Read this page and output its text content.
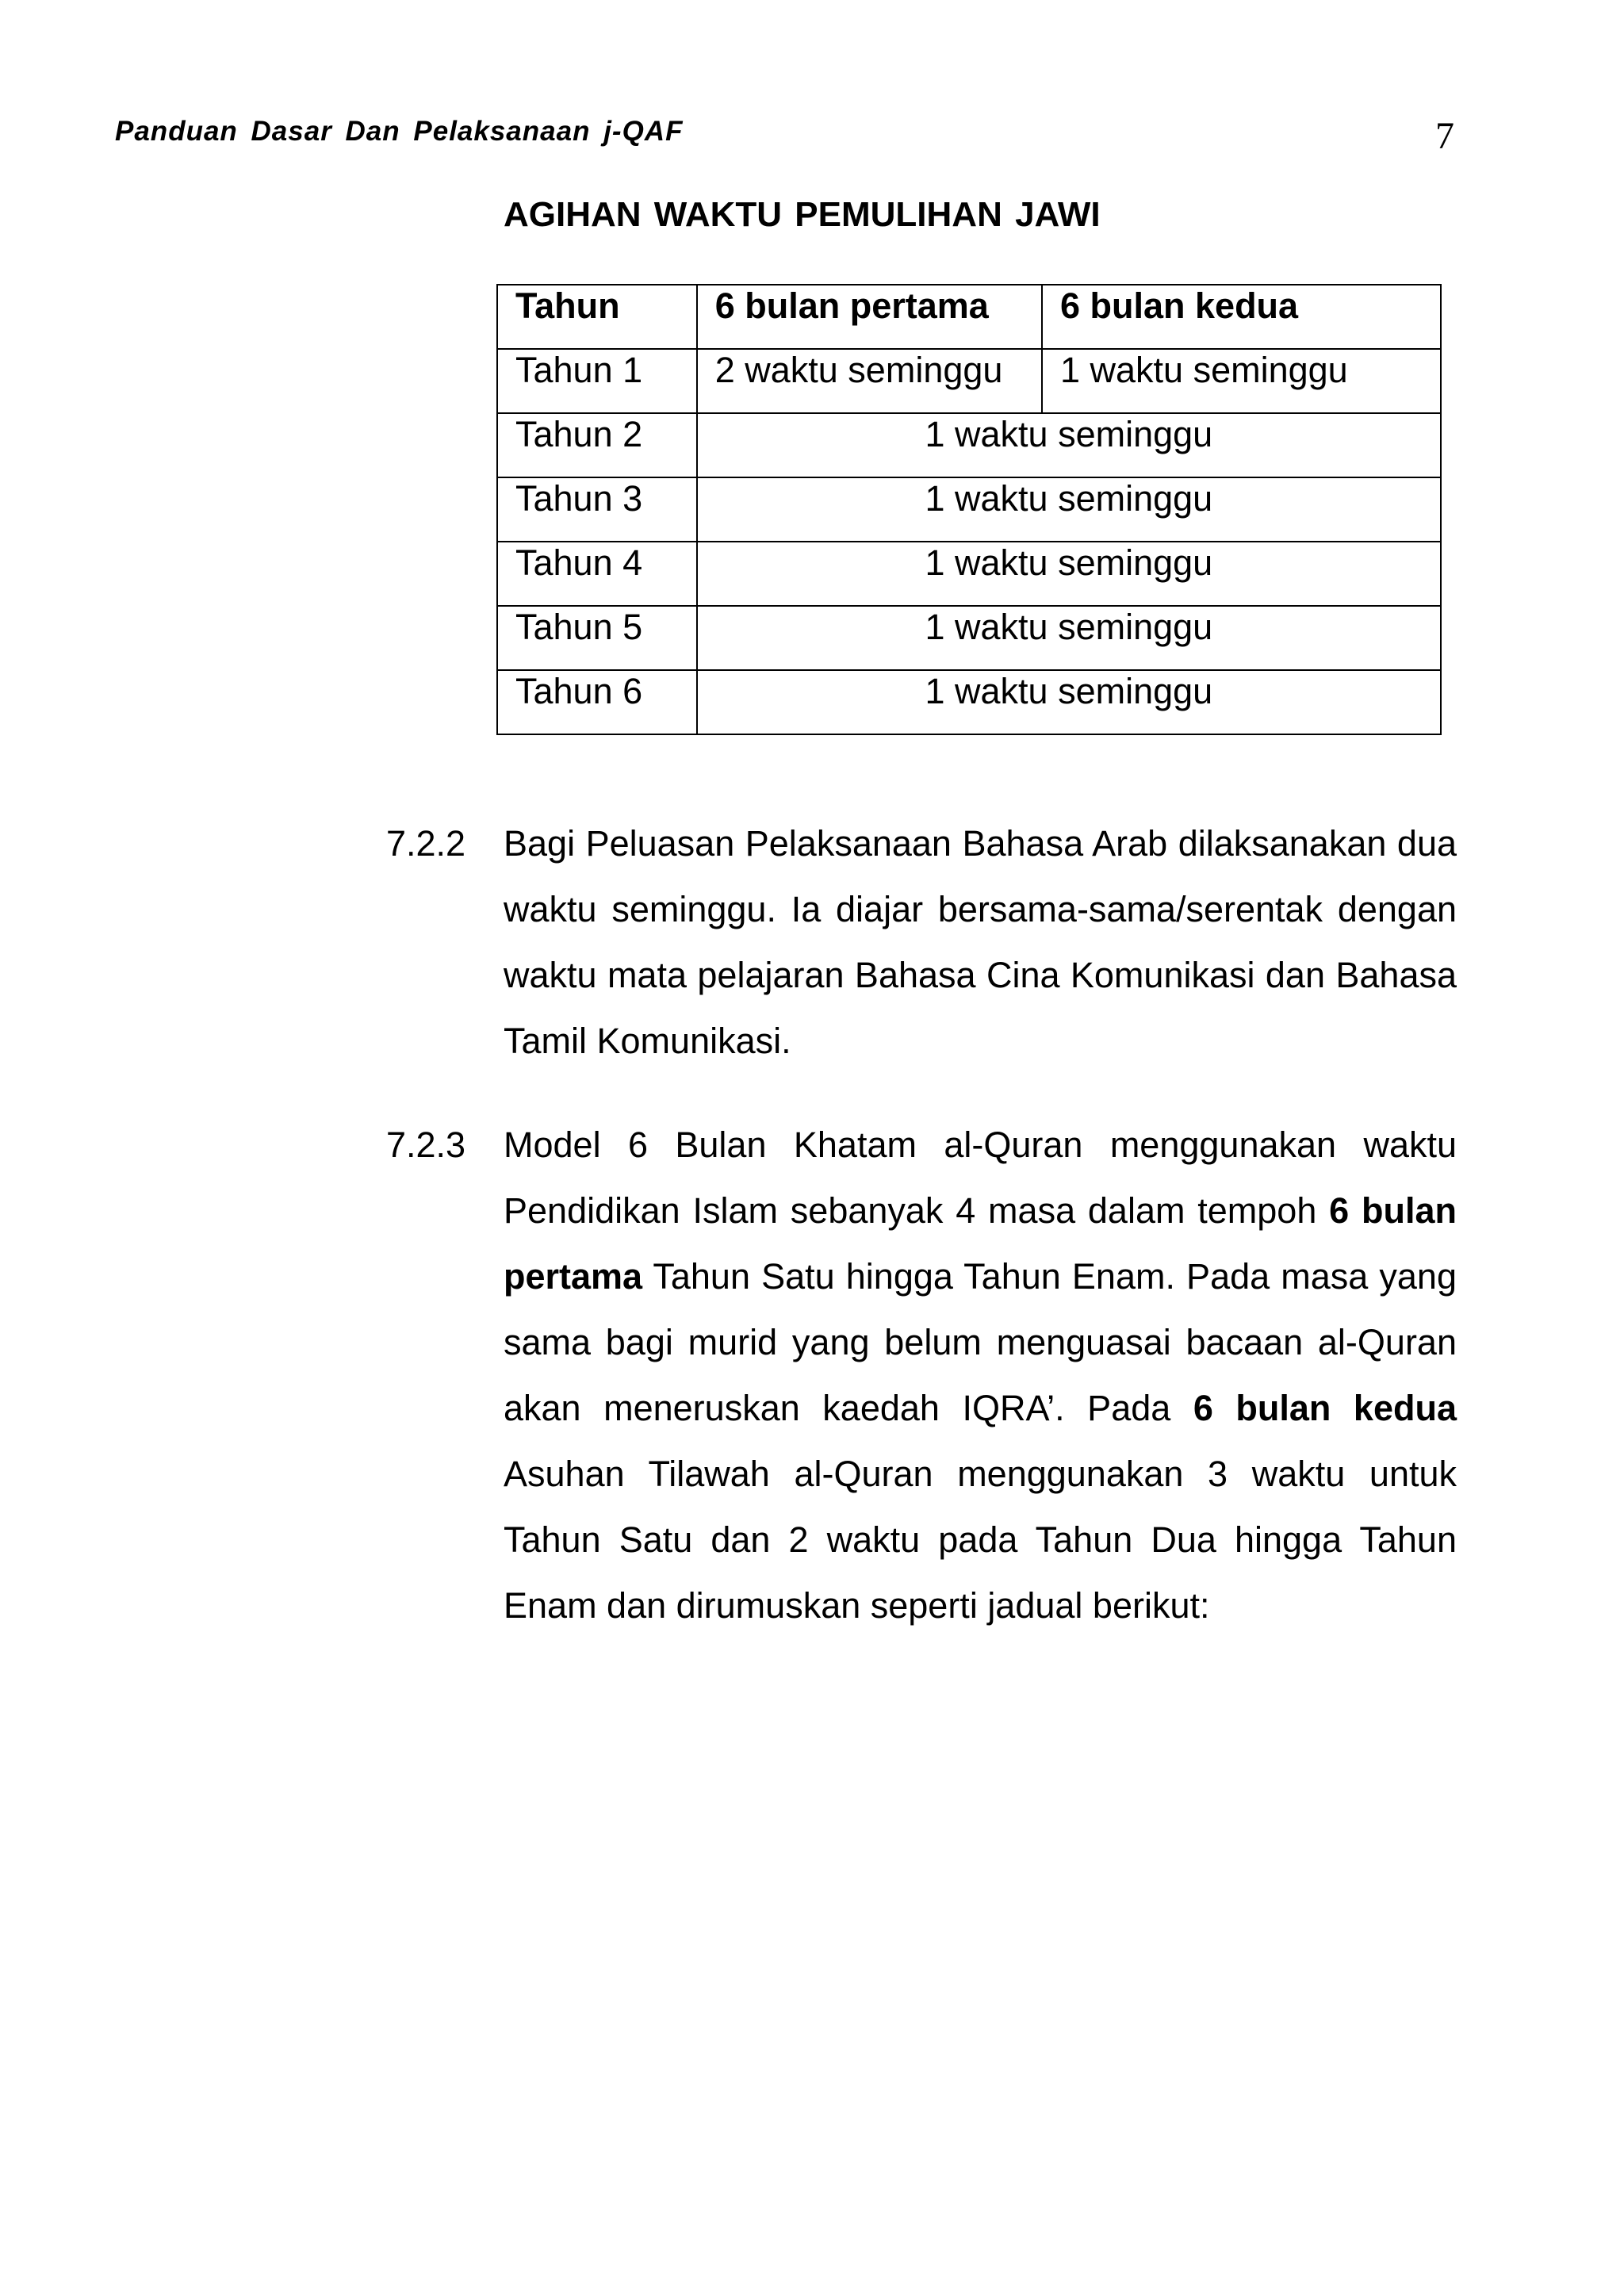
Panduan Dasar Dan Pelaksanaan j-QAF	7
AGIHAN WAKTU PEMULIHAN JAWI
Tahun	6 bulan pertama	6 bulan kedua
Tahun 1	2 waktu seminggu	1 waktu seminggu
Tahun 2	1 waktu seminggu	
Tahun 3	1 waktu seminggu	
Tahun 4	1 waktu seminggu	
Tahun 5	1 waktu seminggu	
Tahun 6	1 waktu seminggu	
7.2.2 Bagi Peluasan Pelaksanaan Bahasa Arab dilaksanakan dua waktu seminggu. Ia diajar bersama-sama/serentak dengan waktu mata pelajaran Bahasa Cina Komunikasi dan Bahasa Tamil Komunikasi.
7.2.3 Model 6 Bulan Khatam al-Quran menggunakan waktu Pendidikan Islam sebanyak 4 masa dalam tempoh 6 bulan pertama Tahun Satu hingga Tahun Enam. Pada masa yang sama bagi murid yang belum menguasai bacaan al-Quran akan meneruskan kaedah IQRA’. Pada 6 bulan kedua Asuhan Tilawah al-Quran menggunakan 3 waktu untuk Tahun Satu dan 2 waktu pada Tahun Dua hingga Tahun Enam dan dirumuskan seperti jadual berikut:
